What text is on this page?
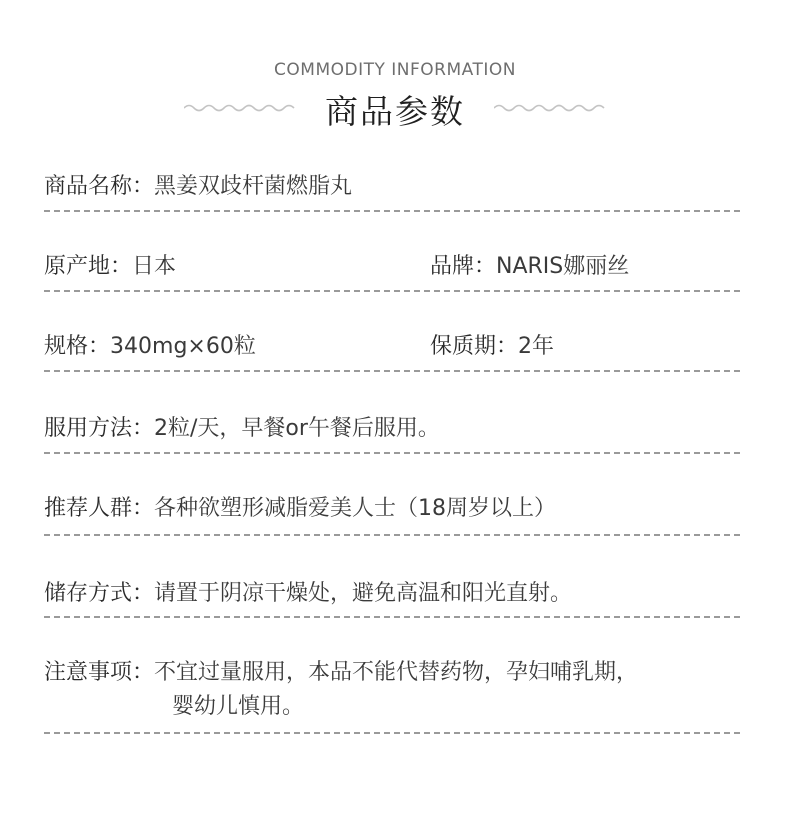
COMMODITY INFORMATION
商品参数
商品名称：黑姜双歧杆菌燃脂丸
原产地：日本	品牌：NARIS娜丽丝
规格：340mg×60粒	保质期：2年
服用方法：2粒/天，早餐or午餐后服用。
推荐人群：各种欲塑形减脂爱美人士（18周岁以上）
储存方式：请置于阴凉干燥处，避免高温和阳光直射。
注意事项：不宜过量服用，本品不能代替药物，孕妇哺乳期，
婴幼儿慎用。
